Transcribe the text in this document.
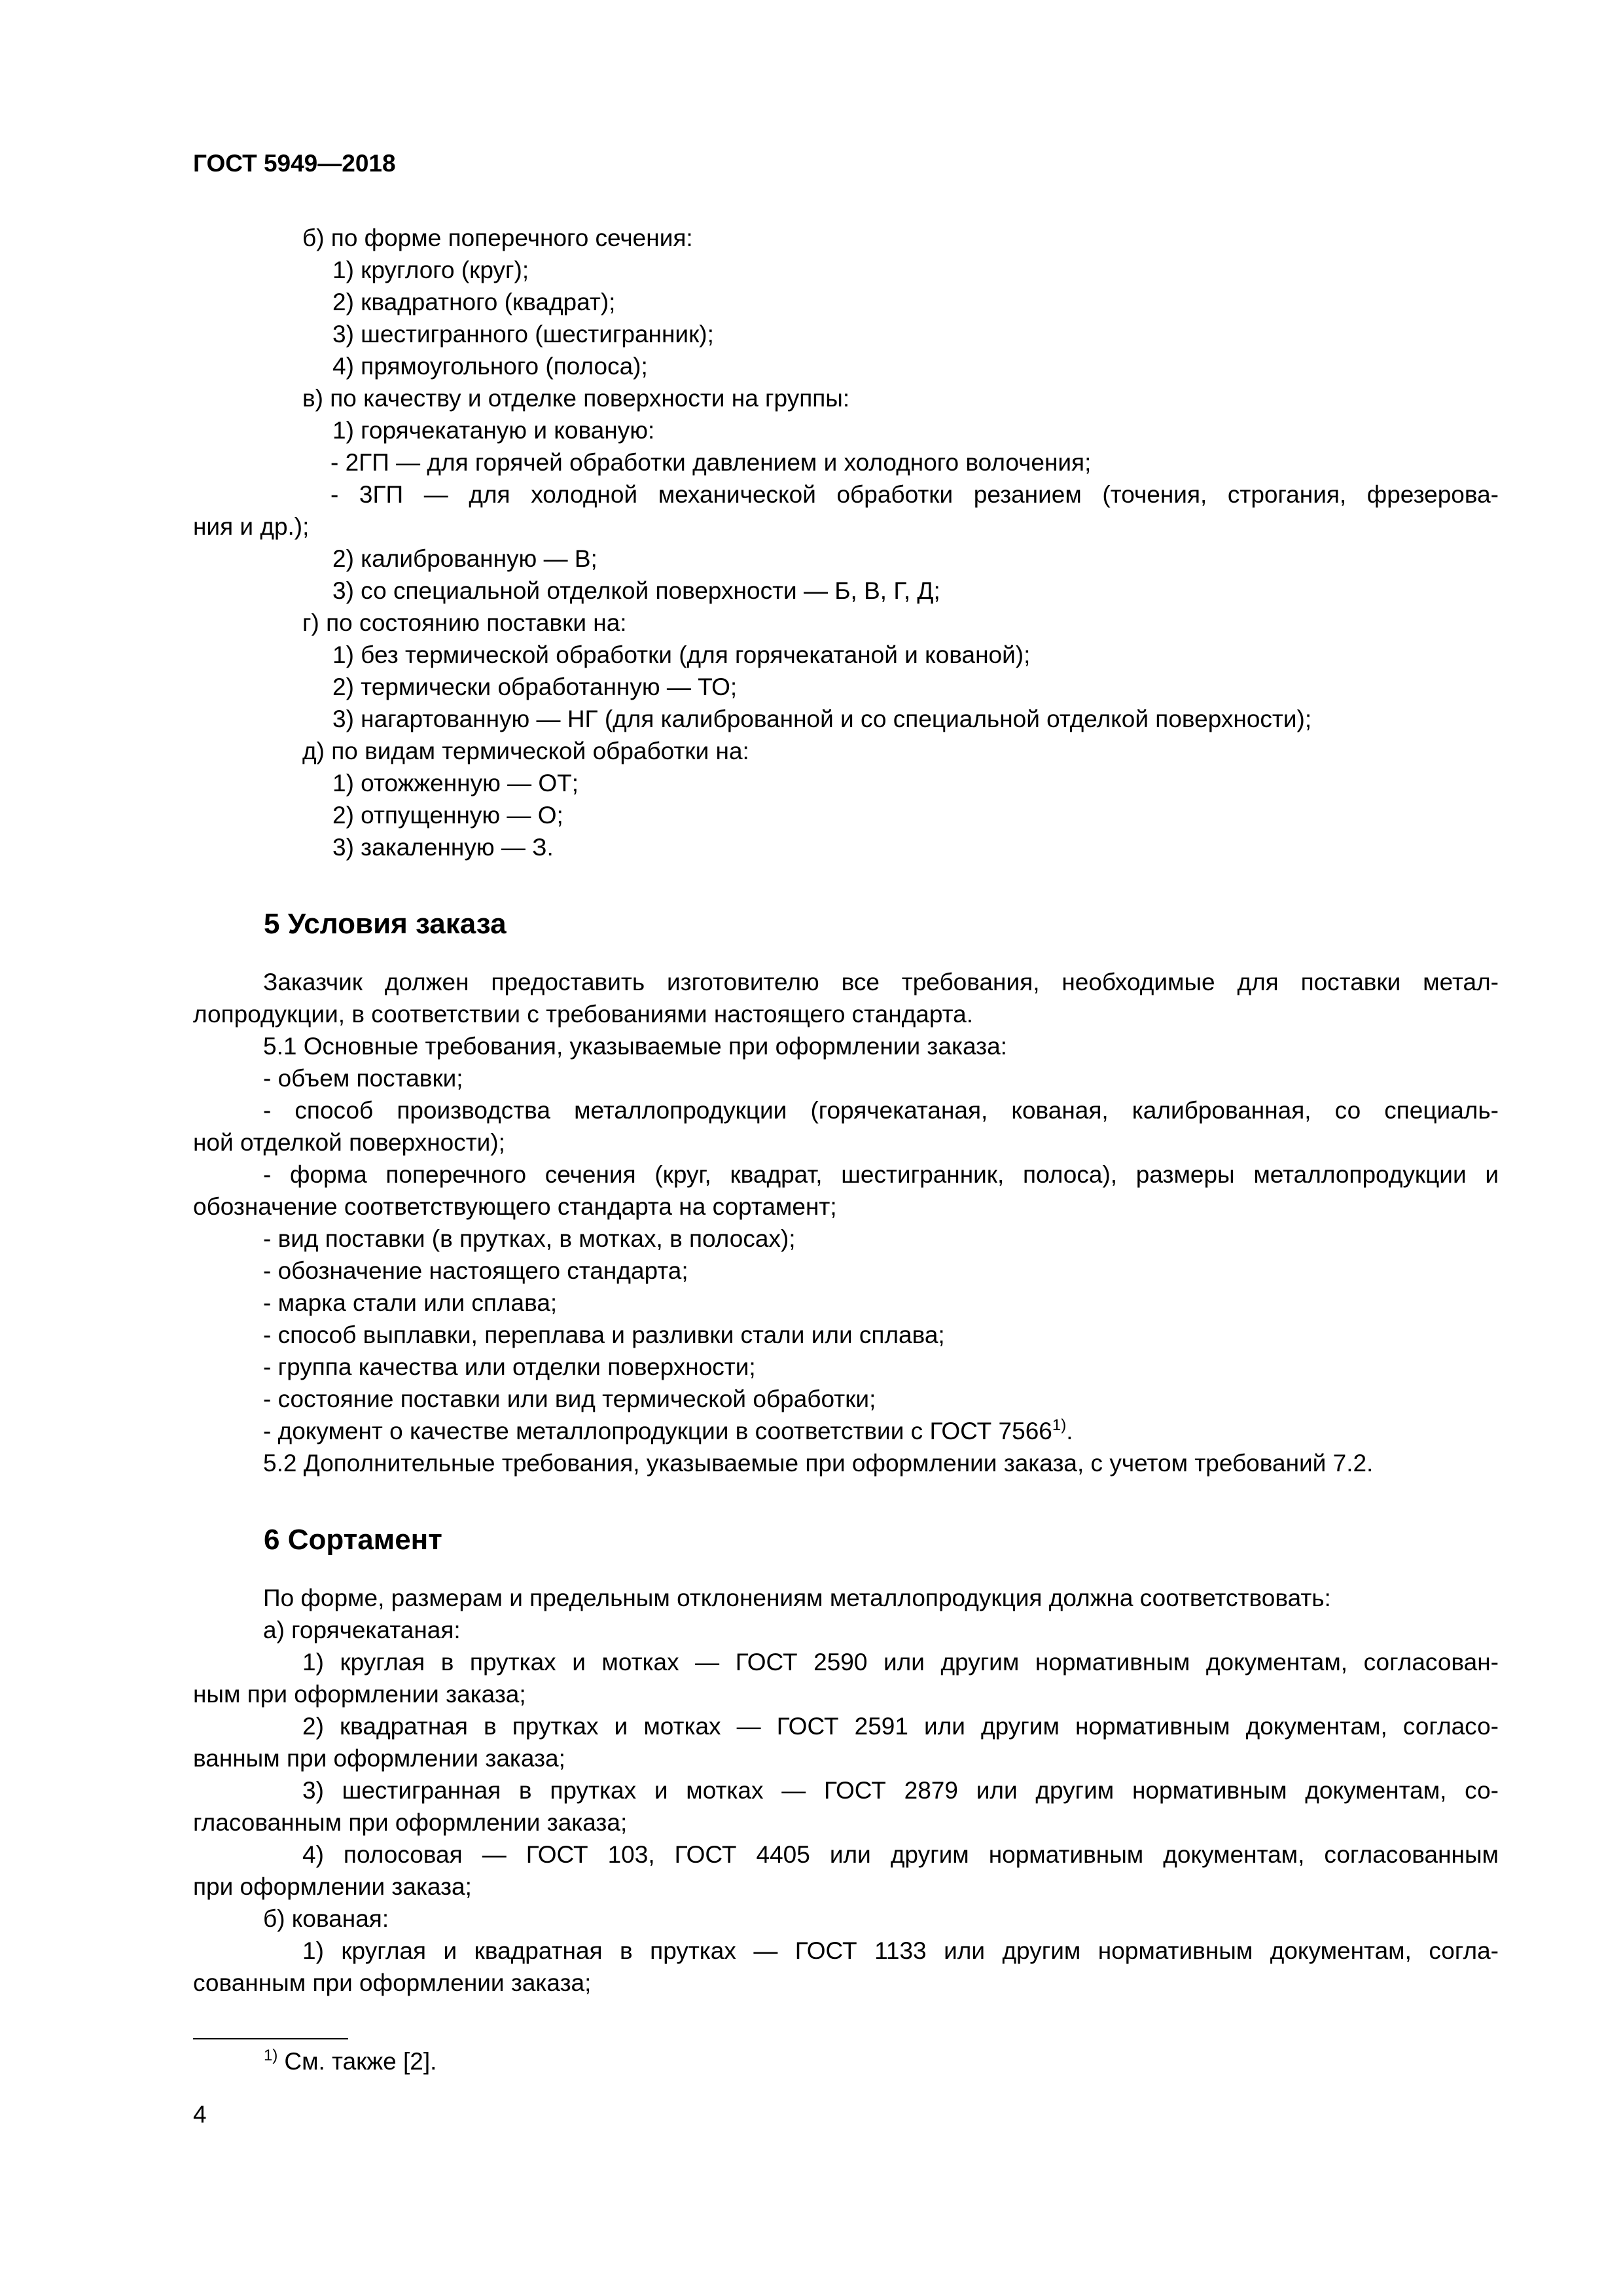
ГОСТ 5949—2018
б) по форме поперечного сечения:
1) круглого (круг);
2) квадратного (квадрат);
3) шестигранного (шестигранник);
4) прямоугольного (полоса);
в) по качеству и отделке поверхности на группы:
1) горячекатаную и кованую:
- 2ГП — для горячей обработки давлением и холодного волочения;
- 3ГП — для холодной механической обработки резанием (точения, строгания, фрезерова-
ния и др.);
2) калиброванную — В;
3) со специальной отделкой поверхности — Б, В, Г, Д;
г) по состоянию поставки на:
1) без термической обработки (для горячекатаной и кованой);
2) термически обработанную — ТО;
3) нагартованную — НГ (для калиброванной и со специальной отделкой поверхности);
д) по видам термической обработки на:
1) отожженную — ОТ;
2) отпущенную — О;
3) закаленную — З.
5 Условия заказа
Заказчик должен предоставить изготовителю все требования, необходимые для поставки метал-
лопродукции, в соответствии с требованиями настоящего стандарта.
5.1 Основные требования, указываемые при оформлении заказа:
- объем поставки;
- способ производства металлопродукции (горячекатаная, кованая, калиброванная, со специаль-
ной отделкой поверхности);
- форма поперечного сечения (круг, квадрат, шестигранник, полоса), размеры металлопродукции и
обозначение соответствующего стандарта на сортамент;
- вид поставки (в прутках, в мотках, в полосах);
- обозначение настоящего стандарта;
- марка стали или сплава;
- способ выплавки, переплава и разливки стали или сплава;
- группа качества или отделки поверхности;
- состояние поставки или вид термической обработки;
- документ о качестве металлопродукции в соответствии с ГОСТ 7566$^{1)}$.
5.2 Дополнительные требования, указываемые при оформлении заказа, с учетом требований 7.2.
6 Сортамент
По форме, размерам и предельным отклонениям металлопродукция должна соответствовать:
а) горячекатаная:
1) круглая в прутках и мотках — ГОСТ 2590 или другим нормативным документам, согласован-
ным при оформлении заказа;
2) квадратная в прутках и мотках — ГОСТ 2591 или другим нормативным документам, согласо-
ванным при оформлении заказа;
3) шестигранная в прутках и мотках — ГОСТ 2879 или другим нормативным документам, со-
гласованным при оформлении заказа;
4) полосовая — ГОСТ 103, ГОСТ 4405 или другим нормативным документам, согласованным
при оформлении заказа;
б) кованая:
1) круглая и квадратная в прутках — ГОСТ 1133 или другим нормативным документам, согла-
сованным при оформлении заказа;
$^{1)}$ См. также [2].
4
